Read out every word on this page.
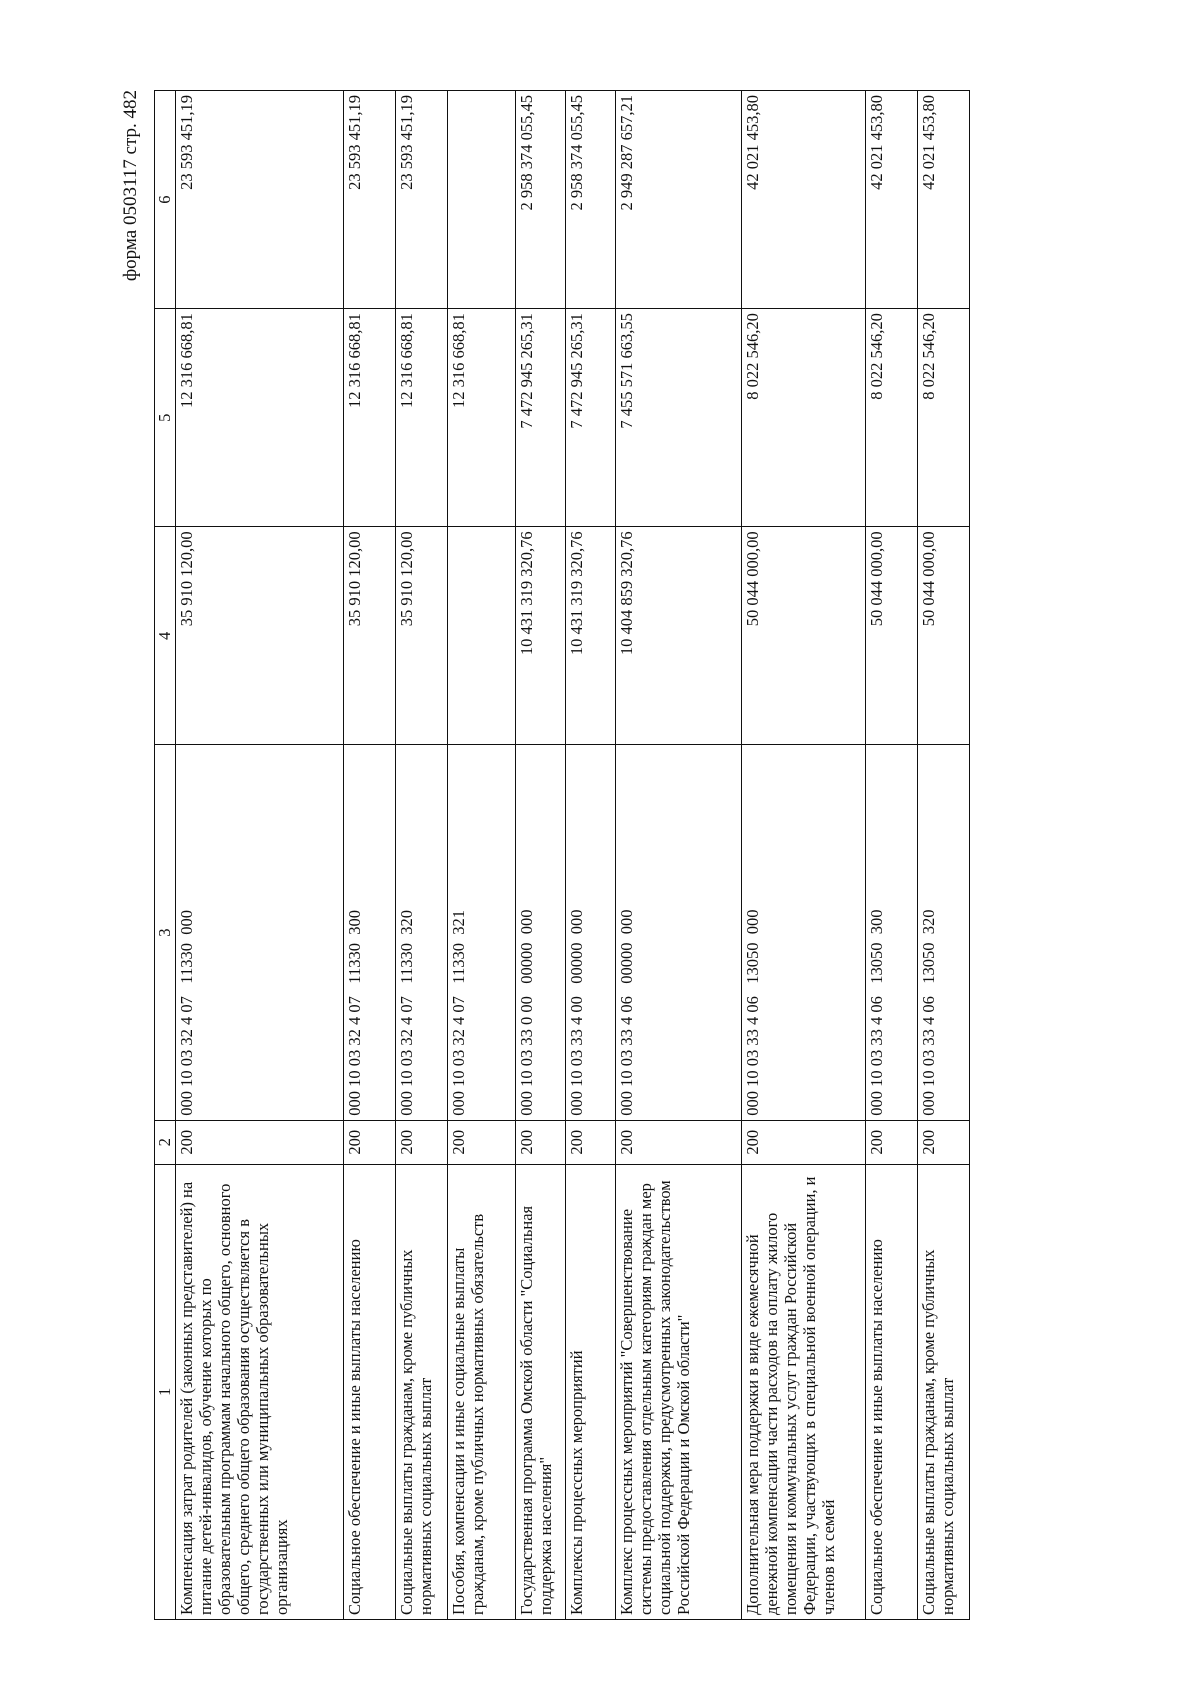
форма 0503117 стр. 482
1	2	3	4	5	6
Компенсация затрат родителей (законных представителей) на питание детей-инвалидов, обучение которых по образовательным программам начального общего, основного общего, среднего общего образования осуществляется в государственных или муниципальных образовательных организациях	200	000 10 03 32 4 07   11330  000	35 910 120,00	12 316 668,81	23 593 451,19
Социальное обеспечение и иные выплаты населению	200	000 10 03 32 4 07   11330  300	35 910 120,00	12 316 668,81	23 593 451,19
Социальные выплаты гражданам, кроме публичных нормативных социальных выплат	200	000 10 03 32 4 07   11330  320	35 910 120,00	12 316 668,81	23 593 451,19
Пособия, компенсации и иные социальные выплаты гражданам, кроме публичных нормативных обязательств	200	000 10 03 32 4 07   11330  321		12 316 668,81	
Государственная программа Омской области "Социальная поддержка населения"	200	000 10 03 33 0 00   00000  000	10 431 319 320,76	7 472 945 265,31	2 958 374 055,45
Комплексы процессных мероприятий	200	000 10 03 33 4 00   00000  000	10 431 319 320,76	7 472 945 265,31	2 958 374 055,45
Комплекс процессных мероприятий "Совершенствование системы предоставления отдельным категориям граждан мер социальной поддержки, предусмотренных законодательством Российской Федерации и Омской области"	200	000 10 03 33 4 06   00000  000	10 404 859 320,76	7 455 571 663,55	2 949 287 657,21
Дополнительная мера поддержки в виде ежемесячной денежной компенсации части расходов на оплату жилого помещения и коммунальных услуг граждан Российской Федерации, участвующих в специальной военной операции, и членов их семей	200	000 10 03 33 4 06   13050  000	50 044 000,00	8 022 546,20	42 021 453,80
Социальное обеспечение и иные выплаты населению	200	000 10 03 33 4 06   13050  300	50 044 000,00	8 022 546,20	42 021 453,80
Социальные выплаты гражданам, кроме публичных нормативных социальных выплат	200	000 10 03 33 4 06   13050  320	50 044 000,00	8 022 546,20	42 021 453,80
